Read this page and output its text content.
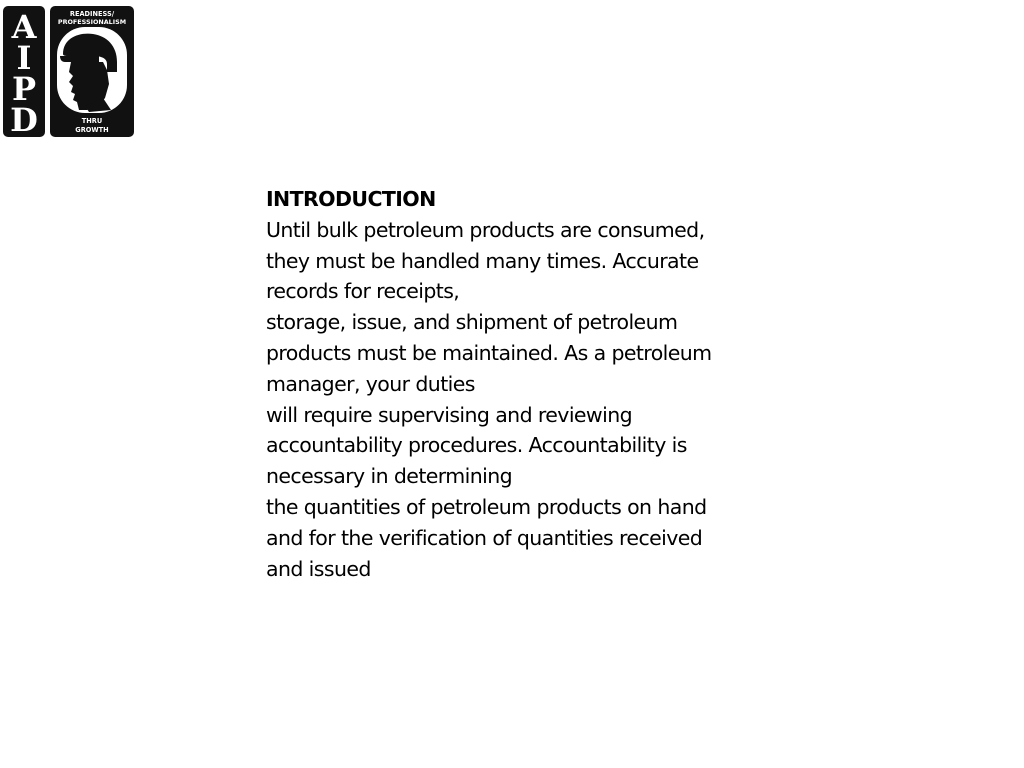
A
I
P
D
READINESS/
PROFESSIONALISM
THRU
GROWTH

INTRODUCTION

Until bulk petroleum products are consumed,

they must be handled many times. Accurate

records for receipts,

storage, issue, and shipment of petroleum

products must be maintained. As a petroleum

manager, your duties

will require supervising and reviewing

accountability procedures. Accountability is

necessary in determining

the quantities of petroleum products on hand

and for the verification of quantities received

and issued
